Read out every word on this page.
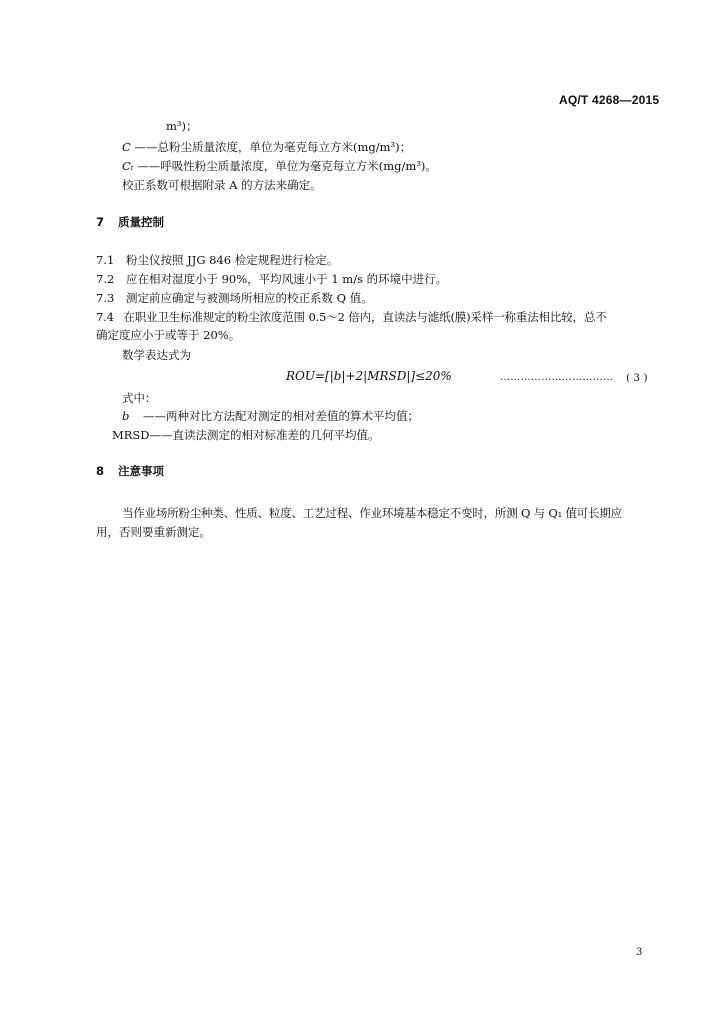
AQ/T 4268—2015
m³)；
C ——总粉尘质量浓度，单位为毫克每立方米(mg/m³)；
Cₜ ——呼吸性粉尘质量浓度，单位为毫克每立方米(mg/m³)。
校正系数可根据附录 A 的方法来确定。
7 质量控制
7.1 粉尘仪按照 JJG 846 检定规程进行检定。
7.2 应在相对湿度小于 90%，平均风速小于 1 m/s 的环境中进行。
7.3 测定前应确定与被测场所相应的校正系数 Q 值。
7.4 在职业卫生标准规定的粉尘浓度范围 0.5～2 倍内，直读法与滤纸(膜)采样一称重法相比较，总不
确定度应小于或等于 20%。
数学表达式为
ROU=[|b|+2|MRSD|]≤20%	…………………………… ( 3 )
式中：
b ——两种对比方法配对测定的相对差值的算术平均值；
MRSD——直读法测定的相对标准差的几何平均值。
8 注意事项
当作业场所粉尘种类、性质、粒度、工艺过程、作业环境基本稳定不变时，所测 Q 与 Q₁ 值可长期应
用，否则要重新测定。
3
